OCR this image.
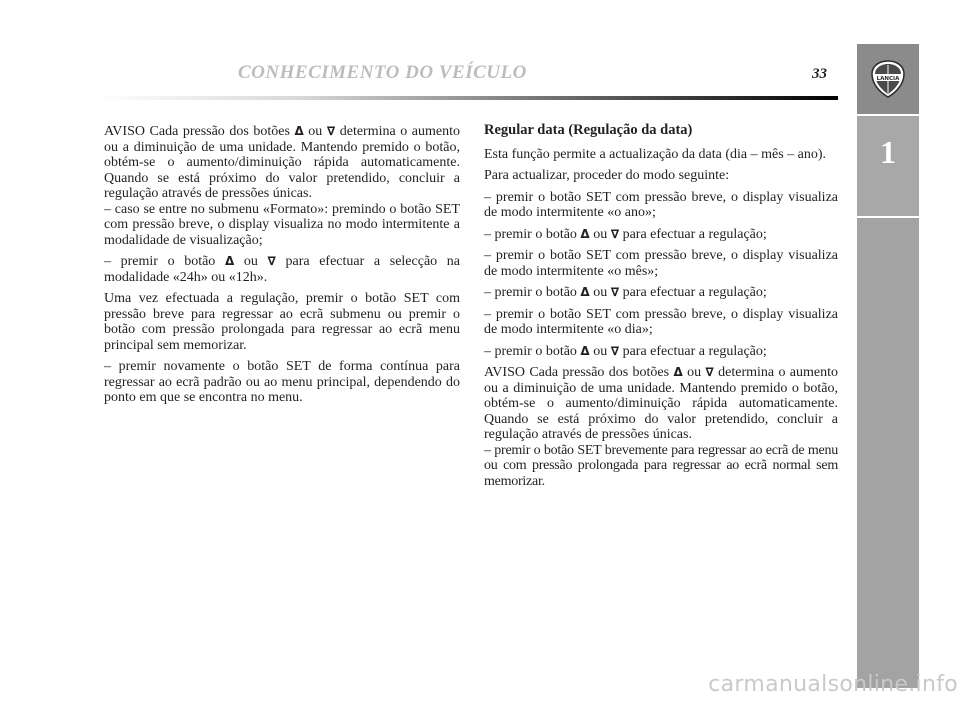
CONHECIMENTO DO VEÍCULO	33	LANCIA
1

AVISO Cada pressão dos botões Δ ou ∇ determina o aumento ou a diminuição de uma unidade. Mantendo premido o botão, obtém-se o aumento/diminuição rápida automaticamente. Quando se está próximo do valor pretendido, concluir a regulação através de pressões únicas.

– caso se entre no submenu «Formato»: premindo o botão SET com pressão breve, o display visualiza no modo intermitente a modalidade de visualização;

– premir o botão Δ ou ∇ para efectuar a selecção na modalidade «24h» ou «12h».

Uma vez efectuada a regulação, premir o botão SET com pressão breve para regressar ao ecrã submenu ou premir o botão com pressão prolongada para regressar ao ecrã menu principal sem memorizar.

– premir novamente o botão SET de forma contínua para regressar ao ecrã padrão ou ao menu principal, dependendo do ponto em que se encontra no menu.

Regular data (Regulação da data)

Esta função permite a actualização da data (dia – mês – ano).

Para actualizar, proceder do modo seguinte:

– premir o botão SET com pressão breve, o display visualiza de modo intermitente «o ano»;

– premir o botão Δ ou ∇ para efectuar a regulação;

– premir o botão SET com pressão breve, o display visualiza de modo intermitente «o mês»;

– premir o botão Δ ou ∇ para efectuar a regulação;

– premir o botão SET com pressão breve, o display visualiza de modo intermitente «o dia»;

– premir o botão Δ ou ∇ para efectuar a regulação;

AVISO Cada pressão dos botões Δ ou ∇ determina o aumento ou a diminuição de uma unidade. Mantendo premido o botão, obtém-se o aumento/diminuição rápida automaticamente. Quando se está próximo do valor pretendido, concluir a regulação através de pressões únicas.

– premir o botão SET brevemente para regressar ao ecrã de menu ou com pressão prolongada para regressar ao ecrã normal sem memorizar.

carmanualsonline.info
